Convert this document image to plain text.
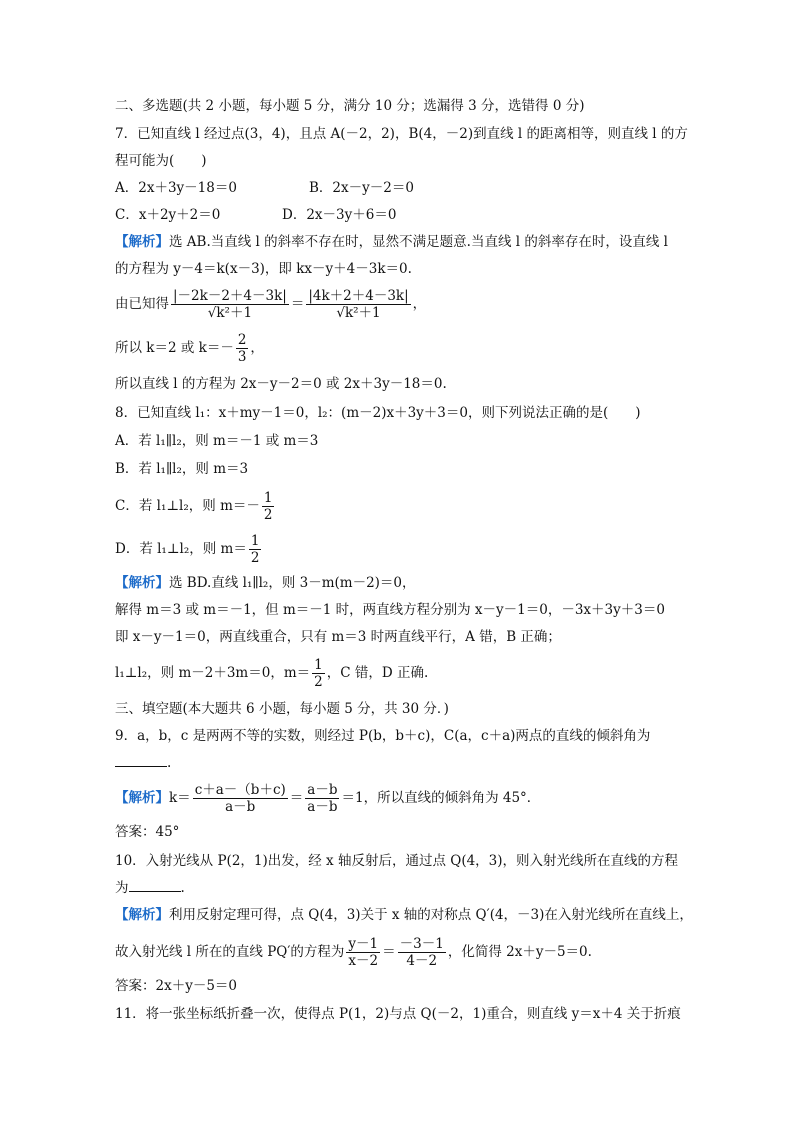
二、多选题(共 2 小题，每小题 5 分，满分 10 分；选漏得 3 分，选错得 0 分)
7．已知直线 l 经过点(3，4)，且点 A(－2，2)，B(4，－2)到直线 l 的距离相等，则直线 l 的方
程可能为(　　)
A．2x＋3y－18＝0	B．2x－y－2＝0
C．x＋2y＋2＝0	D．2x－3y＋6＝0
【解析】选 AB.当直线 l 的斜率不存在时，显然不满足题意.当直线 l 的斜率存在时，设直线 l
的方程为 y－4＝k(x－3)，即 kx－y＋4－3k＝0.
由已知得 $\frac{|-2k-2+4-3k|}{\text{√k²＋1}} = \frac{|4k+2+4-3k|}{\text{√k²＋1}}$ ，
所以 k＝2 或 $k=- \frac{2}{3}$ ，
所以直线 l 的方程为 2x－y－2＝0 或 2x＋3y－18＝0.
8．已知直线 l₁：x＋my－1＝0，l₂：(m－2)x＋3y＋3＝0，则下列说法正确的是(　　)
A．若 l₁∥l₂，则 m＝－1 或 m＝3
B．若 l₁∥l₂，则 m＝3
C．若 l₁⊥l₂，则 $m=- \frac{1}{2}$
D．若 l₁⊥l₂，则 $m= \frac{1}{2}$
【解析】选 BD.直线 l₁∥l₂，则 3－m(m－2)＝0，
解得 m＝3 或 m＝－1，但 m＝－1 时，两直线方程分别为 x－y－1＝0，－3x＋3y＋3＝0
即 x－y－1＝0，两直线重合，只有 m＝3 时两直线平行，A 错，B 正确；
l₁⊥l₂，则 m－2＋3m＝0，$m= \frac{1}{2}$ ，C 错，D 正确.
三、填空题(本大题共 6 小题，每小题 5 分，共 30 分．)
9．a，b，c 是两两不等的实数，则经过 P(b，b＋c)，C(a，c＋a)两点的直线的倾斜角为
.
【解析】$k= \frac{c+a-(b+c)}{a-b} = \frac{a-b}{a-b} =1$，所以直线的倾斜角为 45°．
答案：45°
10．入射光线从 P(2，1)出发，经 x 轴反射后，通过点 Q(4，3)，则入射光线所在直线的方程
为	.
【解析】利用反射定理可得，点 Q(4，3)关于 x 轴的对称点 Q′(4，－3)在入射光线所在直线上，
故入射光线 l 所在的直线 PQ′的方程为 $\frac{y-1}{x-2} = \frac{-3-1}{4-2}$ ，化简得 2x＋y－5＝0.
答案：2x＋y－5＝0
11．将一张坐标纸折叠一次，使得点 P(1，2)与点 Q(－2，1)重合，则直线 y＝x＋4 关于折痕
